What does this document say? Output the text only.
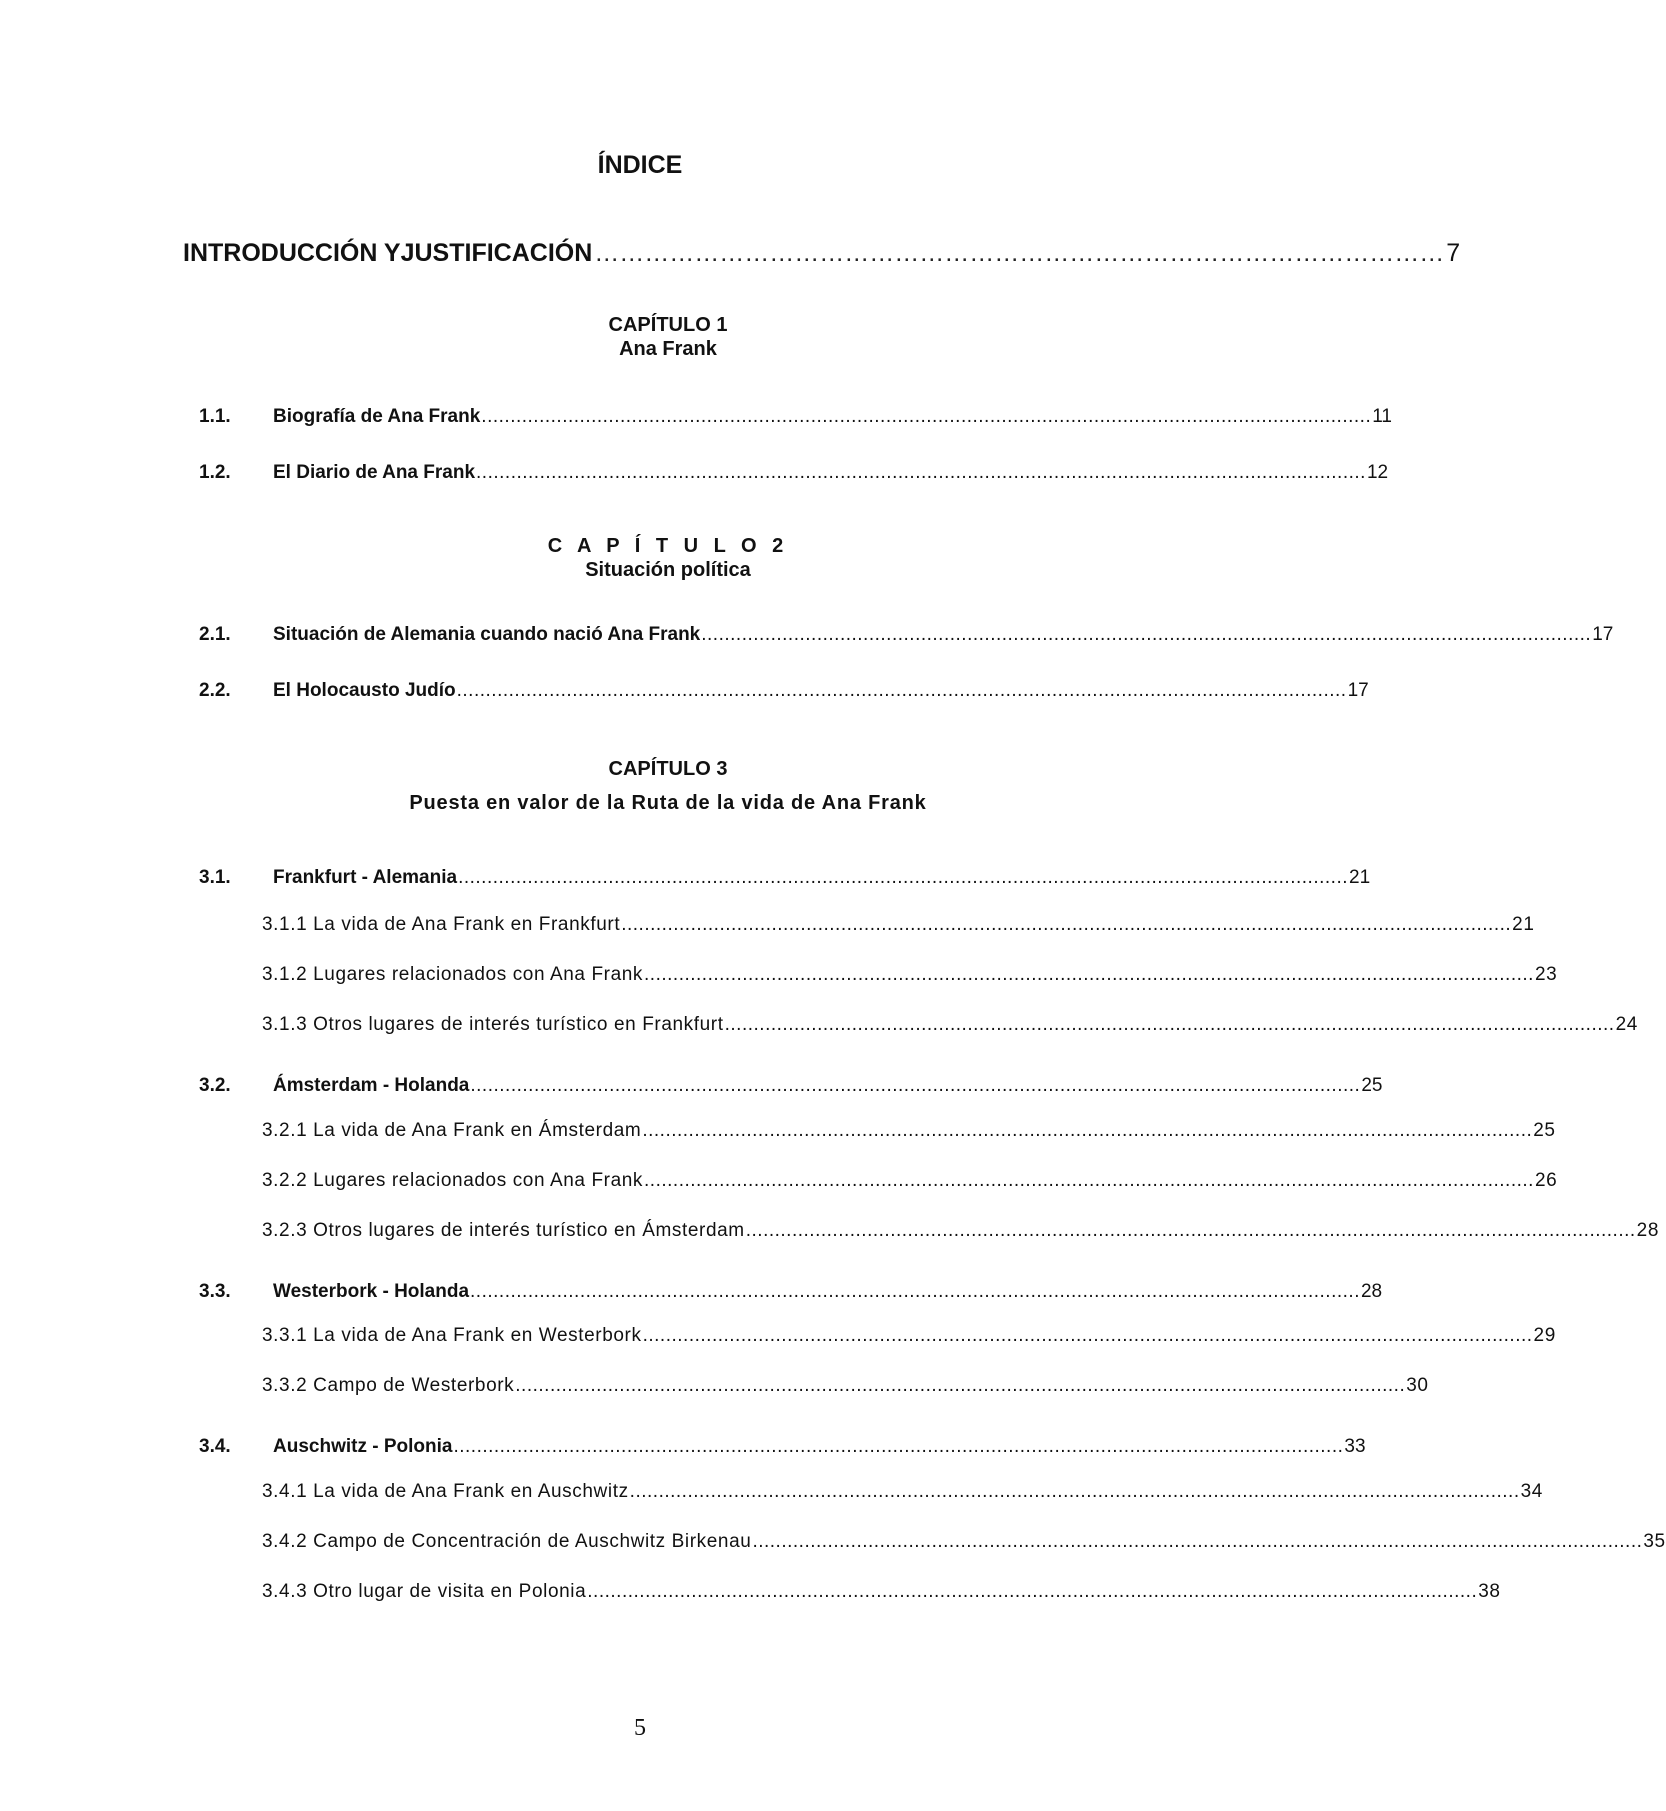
ÍNDICE
INTRODUCCIÓN YJUSTIFICACIÓN ………………………………………………………………………………………… 7
CAPÍTULO 1
Ana Frank
1.1.	Biografía de Ana Frank .......................................................................................................................................................... 11
1.2.	El Diario de Ana Frank .......................................................................................................................................................... 12
C A P Í T U L O 2
Situación política
2.1.	Situación de Alemania cuando nació Ana Frank .......................................................................................................................................................... 17
2.2.	El Holocausto Judío .......................................................................................................................................................... 17
CAPÍTULO 3
Puesta en valor de la Ruta de la vida de Ana Frank
3.1.	Frankfurt - Alemania .......................................................................................................................................................... 21
3.1.1 La vida de Ana Frank en Frankfurt .......................................................................................................................................................... 21
3.1.2 Lugares relacionados con Ana Frank .......................................................................................................................................................... 23
3.1.3 Otros lugares de interés turístico en Frankfurt .......................................................................................................................................................... 24
3.2.	Ámsterdam - Holanda .......................................................................................................................................................... 25
3.2.1 La vida de Ana Frank en Ámsterdam .......................................................................................................................................................... 25
3.2.2 Lugares relacionados con Ana Frank .......................................................................................................................................................... 26
3.2.3 Otros lugares de interés turístico en Ámsterdam .......................................................................................................................................................... 28
3.3.	Westerbork - Holanda .......................................................................................................................................................... 28
3.3.1 La vida de Ana Frank en Westerbork .......................................................................................................................................................... 29
3.3.2 Campo de Westerbork .......................................................................................................................................................... 30
3.4.	Auschwitz - Polonia .......................................................................................................................................................... 33
3.4.1 La vida de Ana Frank en Auschwitz .......................................................................................................................................................... 34
3.4.2 Campo de Concentración de Auschwitz Birkenau .......................................................................................................................................................... 35
3.4.3 Otro lugar de visita en Polonia .......................................................................................................................................................... 38
5
